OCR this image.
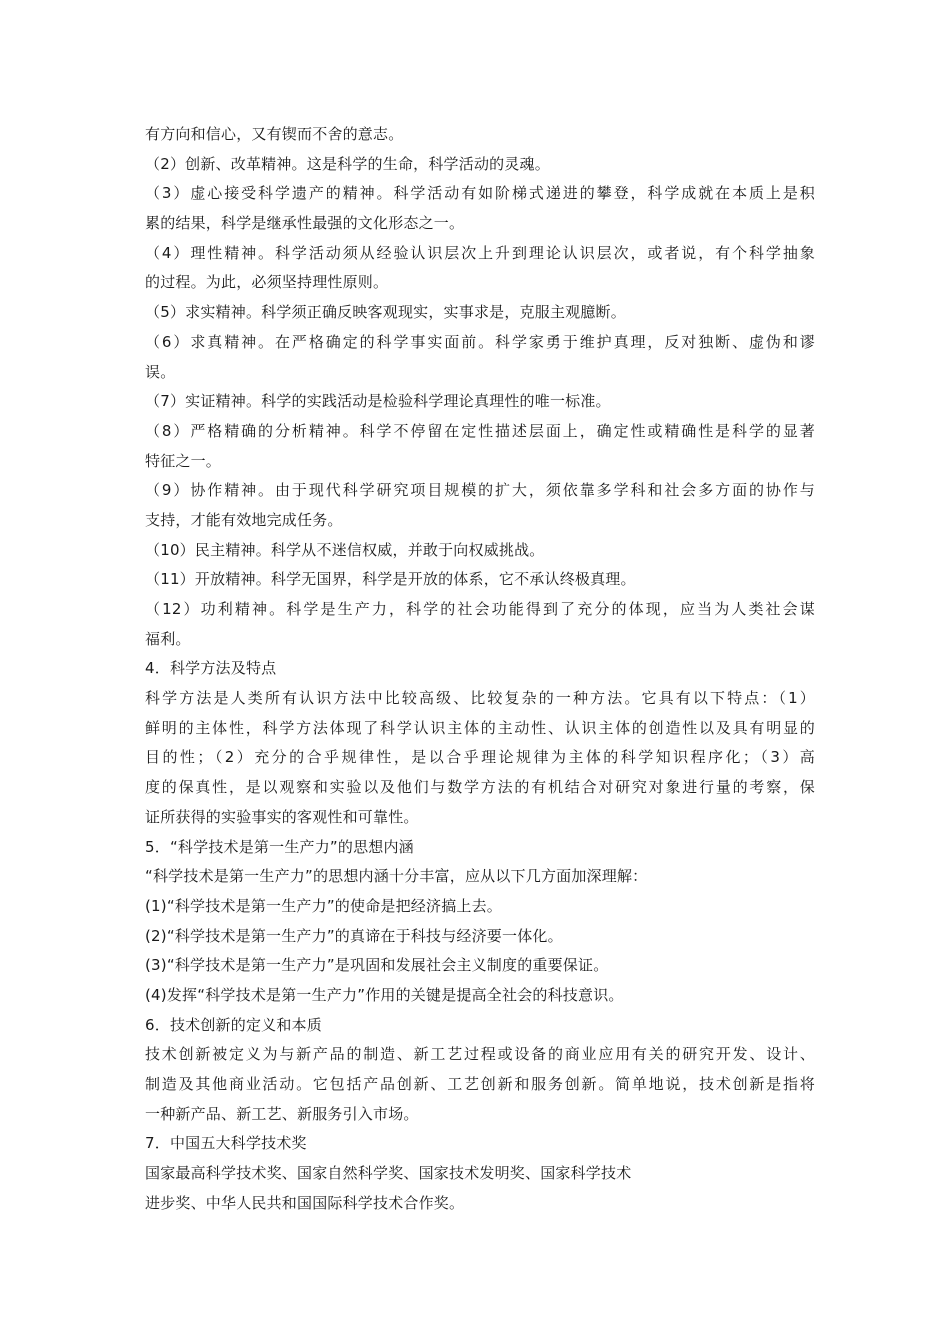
有方向和信心，又有锲而不舍的意志。
（2）创新、改革精神。这是科学的生命，科学活动的灵魂。
（3）虚心接受科学遗产的精神。科学活动有如阶梯式递进的攀登，科学成就在本质上是积
累的结果，科学是继承性最强的文化形态之一。
（4）理性精神。科学活动须从经验认识层次上升到理论认识层次，或者说，有个科学抽象
的过程。为此，必须坚持理性原则。
（5）求实精神。科学须正确反映客观现实，实事求是，克服主观臆断。
（6）求真精神。在严格确定的科学事实面前。科学家勇于维护真理，反对独断、虚伪和谬
误。
（7）实证精神。科学的实践活动是检验科学理论真理性的唯一标准。
（8）严格精确的分析精神。科学不停留在定性描述层面上，确定性或精确性是科学的显著
特征之一。
（9）协作精神。由于现代科学研究项目规模的扩大，须依靠多学科和社会多方面的协作与
支持，才能有效地完成任务。
（10）民主精神。科学从不迷信权威，并敢于向权威挑战。
（11）开放精神。科学无国界，科学是开放的体系，它不承认终极真理。
（12）功利精神。科学是生产力，科学的社会功能得到了充分的体现，应当为人类社会谋
福利。
4．科学方法及特点
科学方法是人类所有认识方法中比较高级、比较复杂的一种方法。它具有以下特点：（1）
鲜明的主体性，科学方法体现了科学认识主体的主动性、认识主体的创造性以及具有明显的
目的性；（2）充分的合乎规律性，是以合乎理论规律为主体的科学知识程序化；（3）高
度的保真性，是以观察和实验以及他们与数学方法的有机结合对研究对象进行量的考察，保
证所获得的实验事实的客观性和可靠性。
5．“科学技术是第一生产力”的思想内涵
“科学技术是第一生产力”的思想内涵十分丰富，应从以下几方面加深理解：
(1)“科学技术是第一生产力”的使命是把经济搞上去。
(2)“科学技术是第一生产力”的真谛在于科技与经济要一体化。
(3)“科学技术是第一生产力”是巩固和发展社会主义制度的重要保证。
(4)发挥“科学技术是第一生产力”作用的关键是提高全社会的科技意识。
6．技术创新的定义和本质
技术创新被定义为与新产品的制造、新工艺过程或设备的商业应用有关的研究开发、设计、
制造及其他商业活动。它包括产品创新、工艺创新和服务创新。简单地说，技术创新是指将
一种新产品、新工艺、新服务引入市场。
7．中国五大科学技术奖
国家最高科学技术奖、国家自然科学奖、国家技术发明奖、国家科学技术
进步奖、中华人民共和国国际科学技术合作奖。
